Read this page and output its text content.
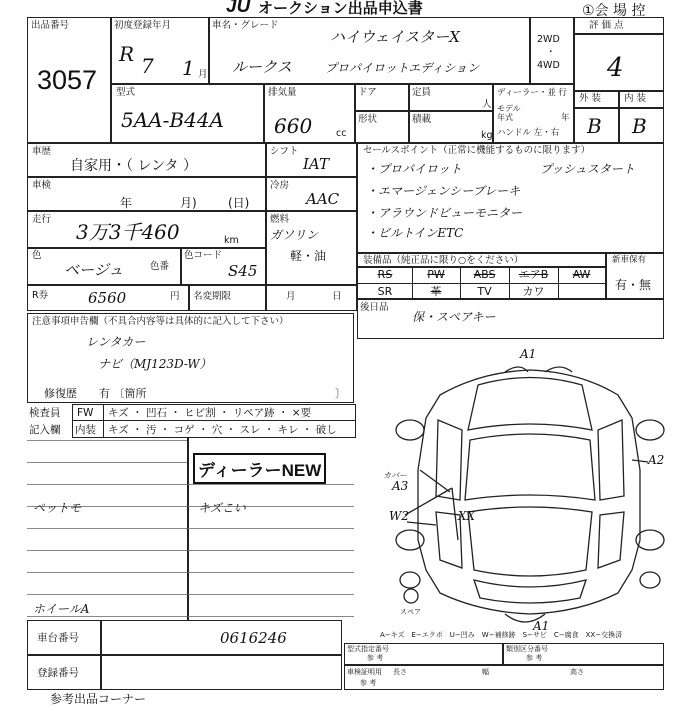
JU オークション出品申込書	①会 場 控
出品番号
3057
初度登録年月
R 7 1 月
車名・グレード
ハイウェイスターX
ルークス	プロパイロットエディション
2WD
・
4WD
評 価 点
4
外 装 内 装
B B
型式
5AA-B44A
排気量
660	cc
ドア	定員
人
形状	積載
kg
ディーラー・並 行
モデル 年式	年
ハンドル 左・右
車歴
自家用・（ レンタ ）
シフト
IAT
車検
年	月)	(日)
冷房
AAC
走行
3万3千460	km
燃料
ガソリン
軽・油
色
ベージュ	色番
色コード
S45
R券	6560	円 名変期限	月	日
セールスポイント（正常に機能するものに限ります）
・プロパイロット	プッシュスタート
・エマージェンシーブレーキ
・アラウンドビューモニター
・ビルトインETC
装備品（純正品に限り○をください）
RS	PW	ABS	エアB	AW
SR	革	TV	カワ
新車保有
有・無
後日品
保・スペアキー
注意事項申告欄（不具合内容等は具体的に記入して下さい）
レンタカー
ナビ（MJ123D-W）
修復歴　　有 〔箇所	〕
検査員
記入欄
FW キズ ・ 凹石 ・ ヒビ割 ・ リペア跡 ・ ×要
内装 キズ ・ 汚 ・ コゲ ・ 穴 ・ スレ ・ キレ ・ 破し
ディーラーNEW
ペットモ	キズこい
ホイールA
A1
A2
カバー
A3
W2	XX
A1
スペア
A−キズ　E−エクボ　U−凹み　W−補修跡　S−サビ　C−腐食　XX−交換済
車台番号	0616246
登録番号
型式指定番号
参 考
類別区分番号
参 考
車検証明用
参 考
長さ	幅	高さ
参考出品コーナー
